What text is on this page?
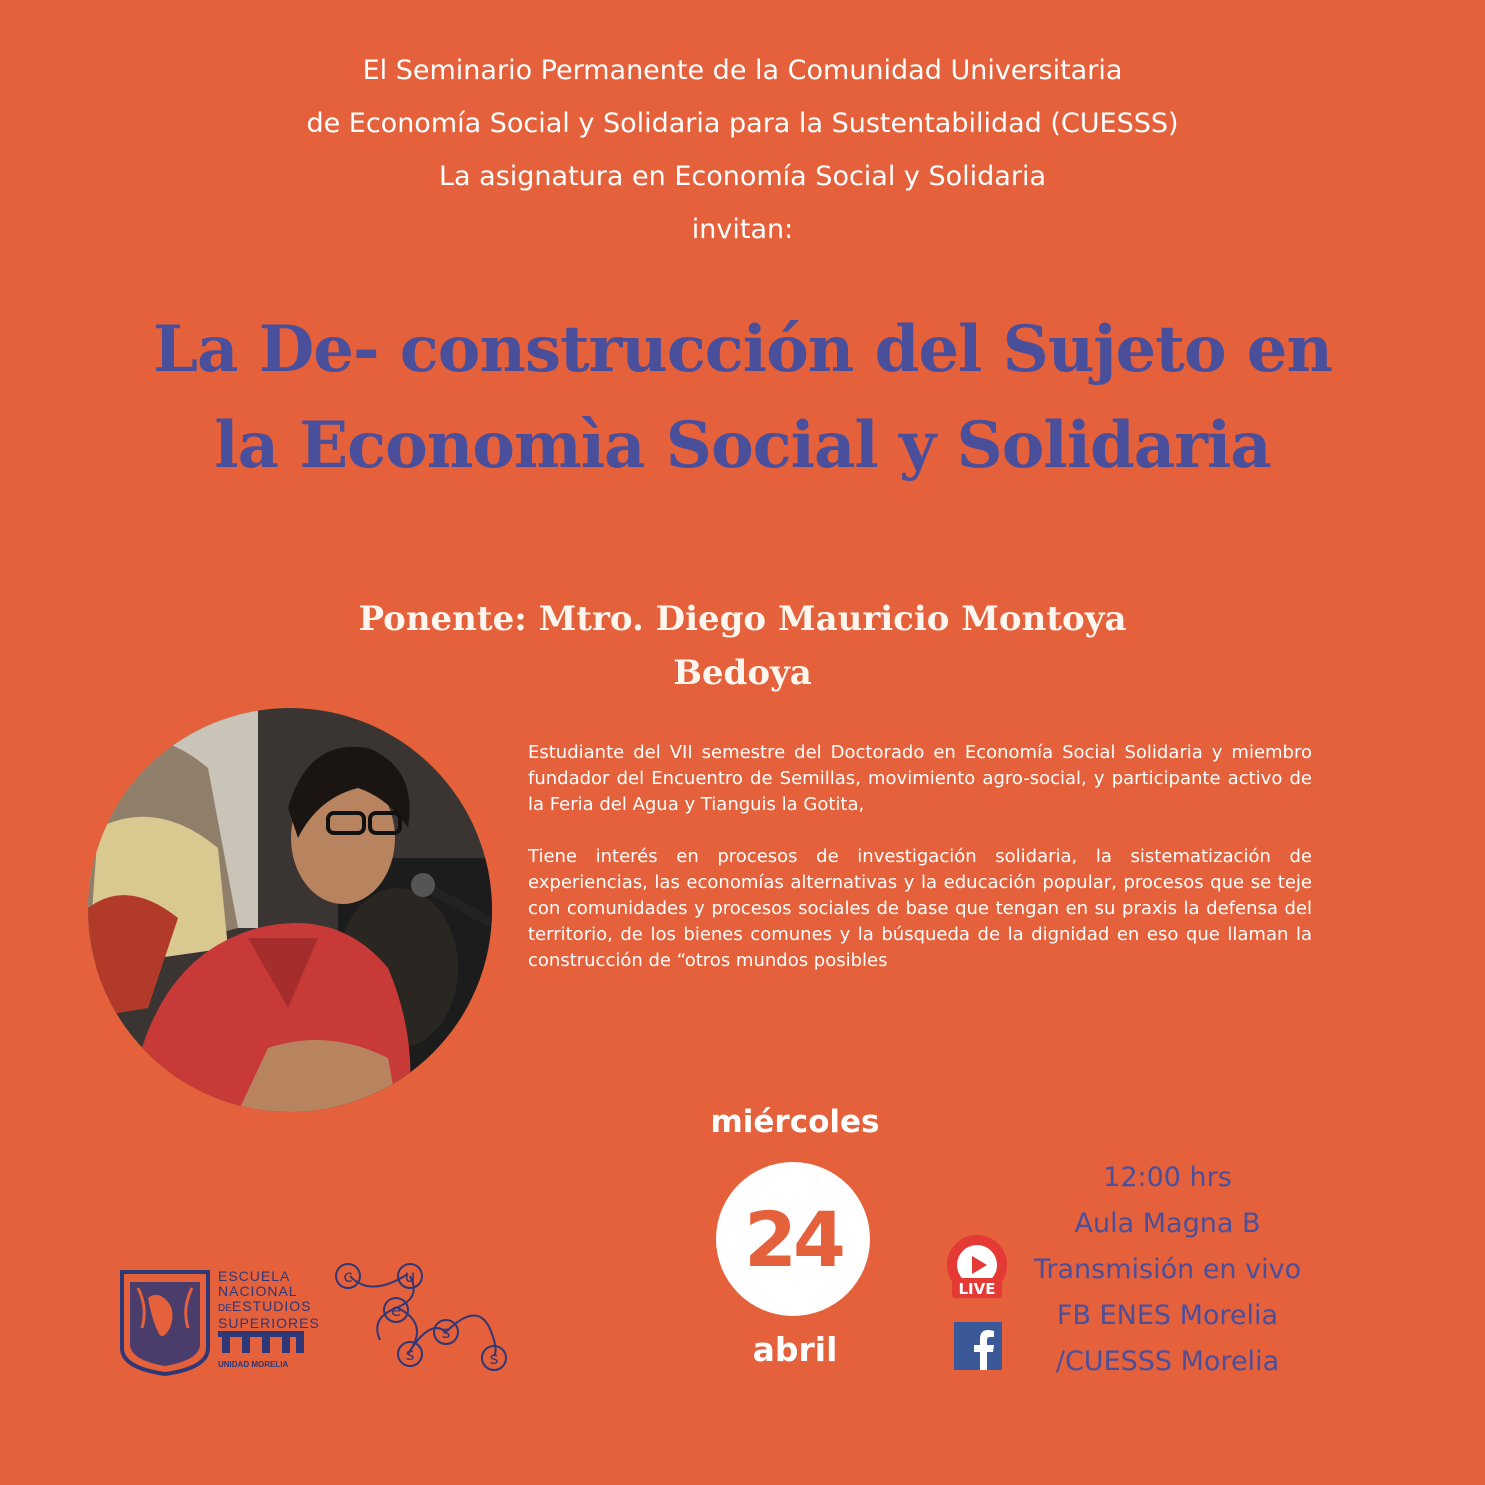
El Seminario Permanente de la Comunidad Universitaria
de Economía Social y Solidaria para la Sustentabilidad (CUESSS)
La asignatura en Economía Social y Solidaria
invitan:
La De- construcción del Sujeto en
la Economìa Social y Solidaria
Ponente: Mtro. Diego Mauricio Montoya
Bedoya

Estudiante del VII semestre del Doctorado en Economía Social Solidaria y miembro fundador del Encuentro de Semillas, movimiento agro-social, y participante activo de la Feria del Agua y Tianguis la Gotita,

Tiene interés en procesos de investigación solidaria, la sistematización de experiencias, las economías alternativas y la educación popular, procesos que se teje con comunidades y procesos sociales de base que tengan en su praxis la defensa del territorio, de los bienes comunes y la búsqueda de la dignidad en eso que llaman la construcción de “otros mundos posibles

miércoles
24
abril
LIVE
12:00 hrs
Aula Magna B
Transmisión en vivo
FB ENES Morelia
/CUESSS Morelia
ESCUELA
NACIONAL
DEESTUDIOS
SUPERIORES
UNIDAD MORELIA
c	u
e
s
s
s
